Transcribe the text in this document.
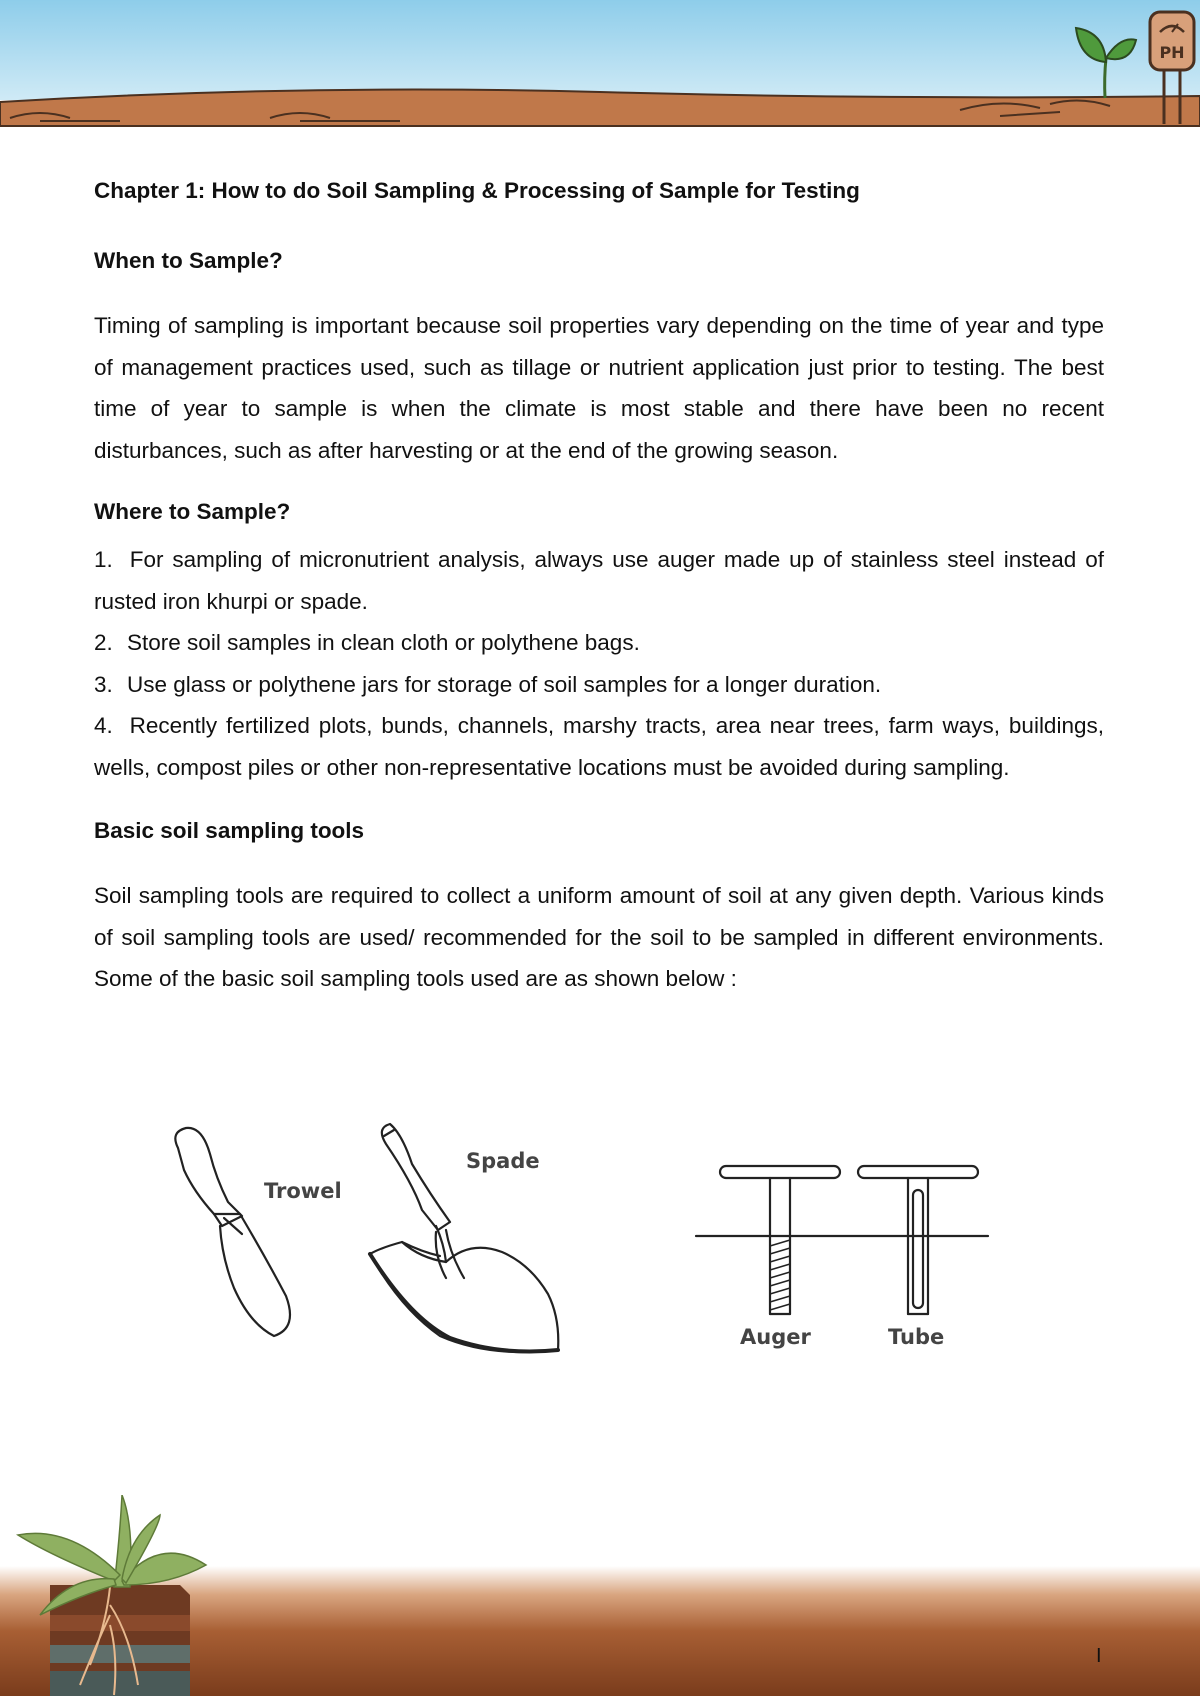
PH
Chapter 1: How to do Soil Sampling & Processing of Sample for Testing
When to Sample?

Timing of sampling is important because soil properties vary depending on the time of year and type of management practices used, such as tillage or nutrient application just prior to testing. The best time of year to sample is when the climate is most stable and there have been no recent disturbances, such as after harvesting or at the end of the growing season.

Where to Sample?
1. For sampling of micronutrient analysis, always use auger made up of stainless steel instead of rusted iron khurpi or spade.
2. Store soil samples in clean cloth or polythene bags.
3. Use glass or polythene jars for storage of soil samples for a longer duration.
4. Recently fertilized plots, bunds, channels, marshy tracts, area near trees, farm ways, buildings, wells, compost piles or other non-representative locations must be avoided during sampling.
Basic soil sampling tools

Soil sampling tools are required to collect a uniform amount of soil at any given depth. Various kinds of soil sampling tools are used/ recommended for the soil to be sampled in different environments. Some of the basic soil sampling tools used are as shown below :

Trowel
Spade
Auger	Tube
I
